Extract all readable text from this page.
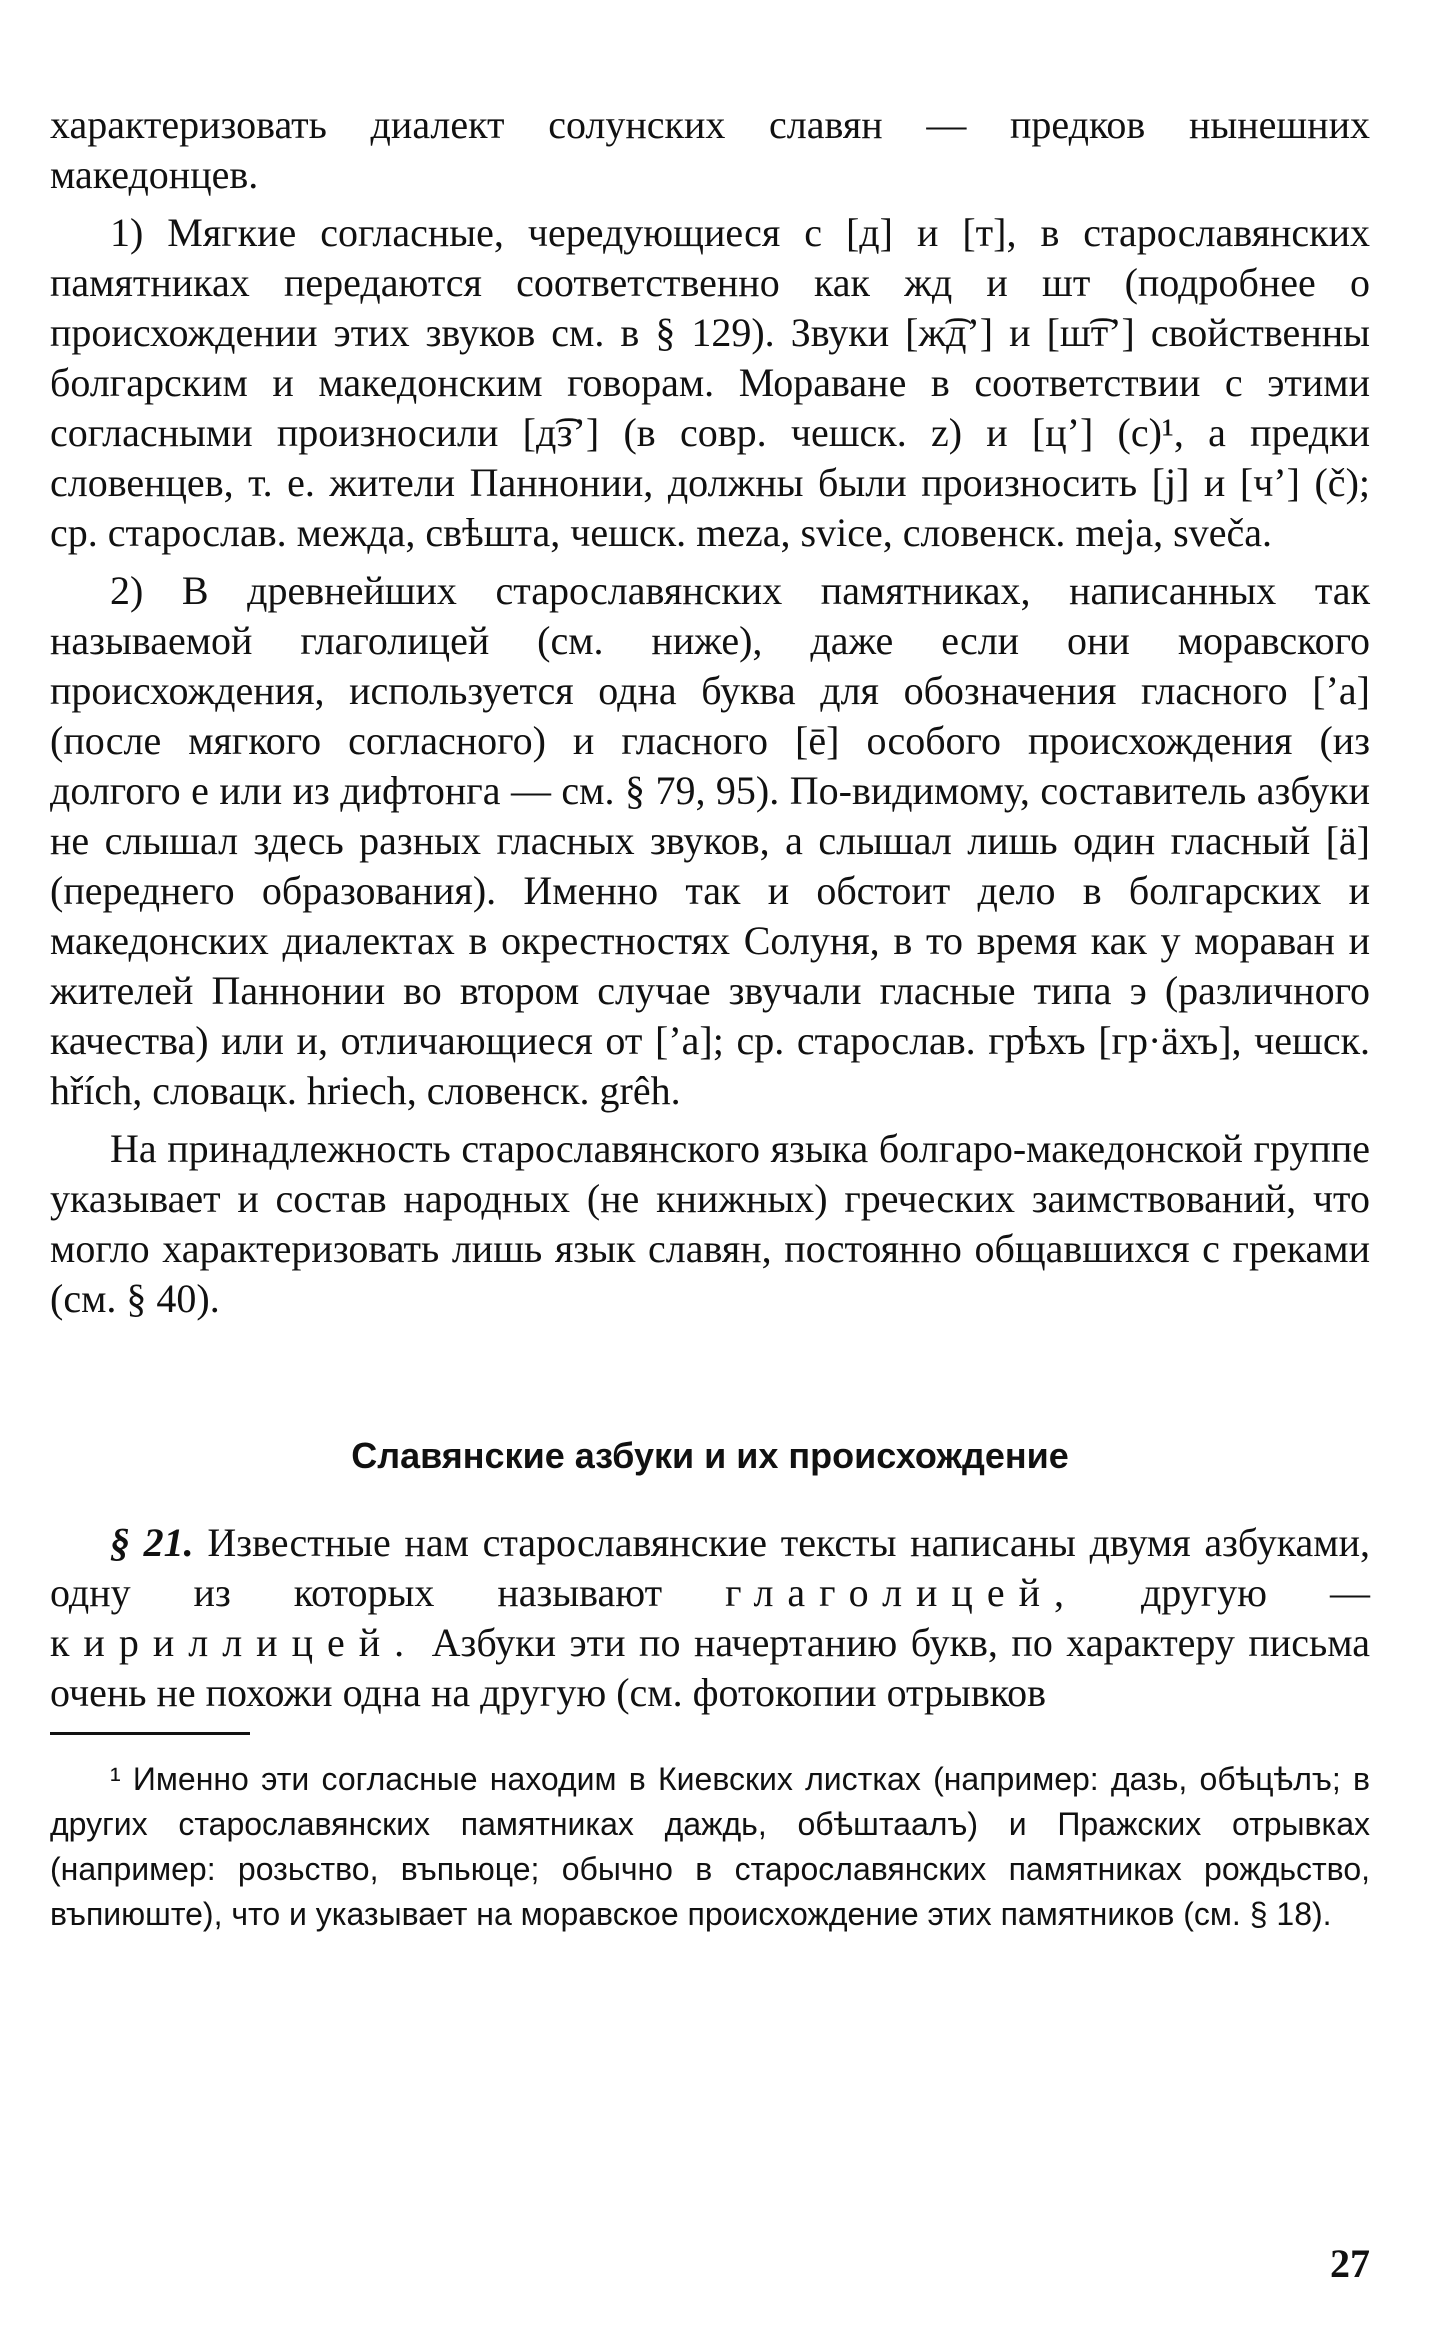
характеризовать диалект солунских славян — предков нынешних македонцев.

1) Мягкие согласные, чередующиеся с [д] и [т], в старославянских памятниках передаются соответственно как жд и шт (подробнее о происхождении этих звуков см. в § 129). Звуки [ж͡д’] и [ш͡т’] свойственны болгарским и македонским говорам. Мораване в соответствии с этими согласными произносили [д͡з’] (в совр. чешск. z) и [ц’] (c)¹, а предки словенцев, т. е. жители Паннонии, должны были произносить [j] и [ч’] (č); ср. старослав. межда, свѣшта, чешск. meza, svice, словенск. meja, sveča.

2) В древнейших старославянских памятниках, написанных так называемой глаголицей (см. ниже), даже если они моравского происхождения, используется одна буква для обозначения гласного [’а] (после мягкого согласного) и гласного [ē] особого происхождения (из долгого е или из дифтонга — см. § 79, 95). По-видимому, составитель азбуки не слышал здесь разных гласных звуков, а слышал лишь один гласный [ä] (переднего образования). Именно так и обстоит дело в болгарских и македонских диалектах в окрестностях Солуня, в то время как у мораван и жителей Паннонии во втором случае звучали гласные типа э (различного качества) или и, отличающиеся от [’а]; ср. старослав. грѣхъ [гр·äхъ], чешск. hřích, словацк. hriech, словенск. grêh.

На принадлежность старославянского языка болгаро-македонской группе указывает и состав народных (не книжных) греческих заимствований, что могло характеризовать лишь язык славян, постоянно общавшихся с греками (см. § 40).

Славянские азбуки и их происхождение

§ 21. Известные нам старославянские тексты написаны двумя азбуками, одну из которых называют глаголицей, другую — кириллицей. Азбуки эти по начертанию букв, по характеру письма очень не похожи одна на другую (см. фотокопии отрывков

¹ Именно эти согласные находим в Киевских листках (например: дазь, обѣцѣлъ; в других старославянских памятниках даждь, обѣштаалъ) и Пражских отрывках (например: розьство, въпьюце; обычно в старославянских памятниках рождьство, въпиюште), что и указывает на моравское происхождение этих памятников (см. § 18).

27
